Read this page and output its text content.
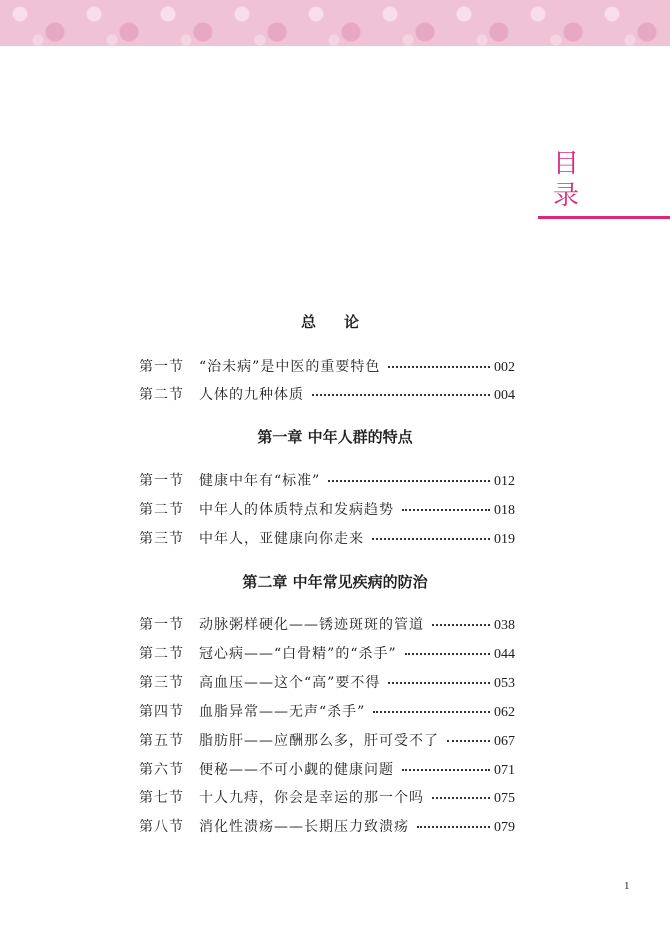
目
录
总论
第一节	“治未病”是中医的重要特色	002
第二节	人体的九种体质	004
第一章 中年人群的特点
第一节	健康中年有“标准”	012
第二节	中年人的体质特点和发病趋势	018
第三节	中年人，亚健康向你走来	019
第二章 中年常见疾病的防治
第一节	动脉粥样硬化——锈迹斑斑的管道	038
第二节	冠心病——“白骨精”的“杀手”	044
第三节	高血压——这个“高”要不得	053
第四节	血脂异常——无声“杀手”	062
第五节	脂肪肝——应酬那么多，肝可受不了	067
第六节	便秘——不可小觑的健康问题	071
第七节	十人九痔，你会是幸运的那一个吗	075
第八节	消化性溃疡——长期压力致溃疡	079
1
